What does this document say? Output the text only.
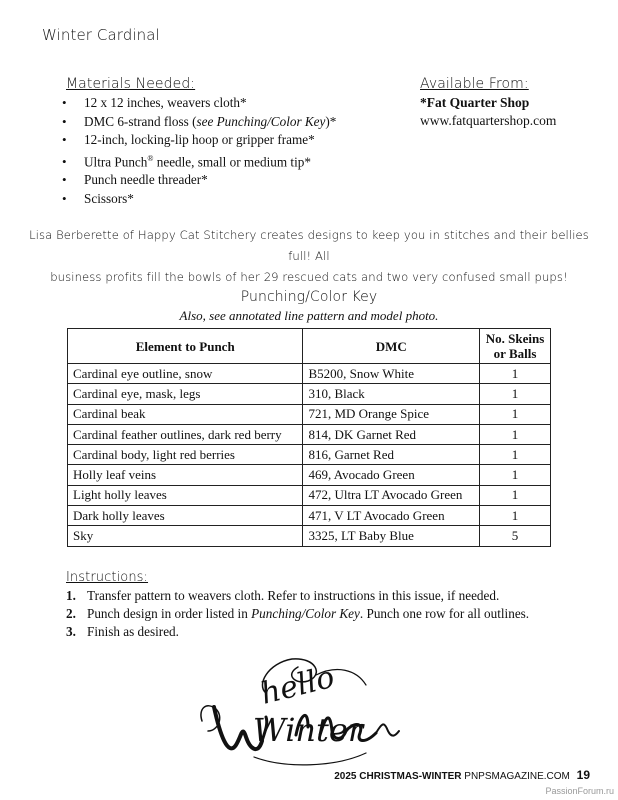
Winter Cardinal
Materials Needed:
• 12 x 12 inches, weavers cloth*
• DMC 6-strand floss (see Punching/Color Key)*
• 12-inch, locking-lip hoop or gripper frame*
• Ultra Punch® needle, small or medium tip*
• Punch needle threader*
• Scissors*
Available From:
*Fat Quarter Shop
www.fatquartershop.com
Lisa Berberette of Happy Cat Stitchery creates designs to keep you in stitches and their bellies full! All
business profits fill the bowls of her 29 rescued cats and two very confused small pups!
Punching/Color Key
Also, see annotated line pattern and model photo.
Element to Punch	DMC	No. Skeins
or Balls
Cardinal eye outline, snow	B5200, Snow White	1
Cardinal eye, mask, legs	310, Black	1
Cardinal beak	721, MD Orange Spice	1
Cardinal feather outlines, dark red berry	814, DK Garnet Red	1
Cardinal body, light red berries	816, Garnet Red	1
Holly leaf veins	469, Avocado Green	1
Light holly leaves	472, Ultra LT Avocado Green	1
Dark holly leaves	471, V LT Avocado Green	1
Sky	3325, LT Baby Blue	5
Instructions:
1. Transfer pattern to weavers cloth. Refer to instructions in this issue, if needed.
2. Punch design in order listed in Punching/Color Key. Punch one row for all outlines.
3. Finish as desired.
hello
Winter
2025 CHRISTMAS-WINTER PNPSMAGAZINE.COM 19
PassionForum.ru
